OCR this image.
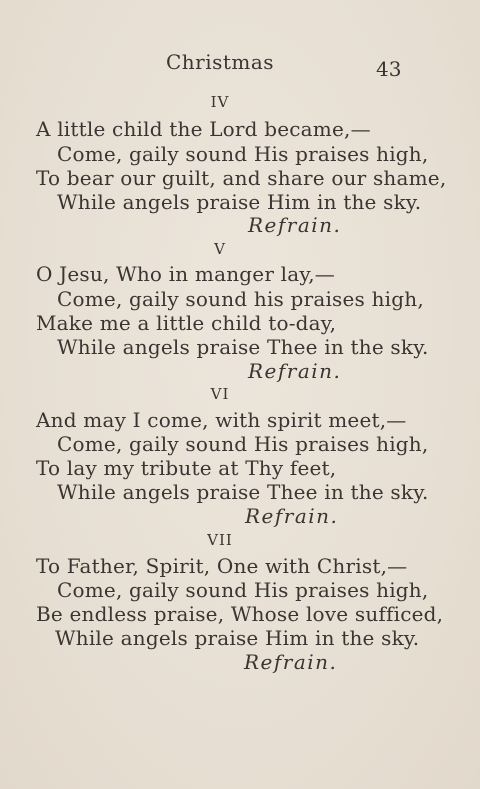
Christmas	43
IV
A little child the Lord became,—
Come, gaily sound His praises high,
To bear our guilt, and share our shame,
While angels praise Him in the sky.
Refrain.
V
O Jesu, Who in manger lay,—
Come, gaily sound his praises high,
Make me a little child to-day,
While angels praise Thee in the sky.
Refrain.
VI
And may I come, with spirit meet,—
Come, gaily sound His praises high,
To lay my tribute at Thy feet,
While angels praise Thee in the sky.
Refrain.
VII
To Father, Spirit, One with Christ,—
Come, gaily sound His praises high,
Be endless praise, Whose love sufficed,
While angels praise Him in the sky.
Refrain.
